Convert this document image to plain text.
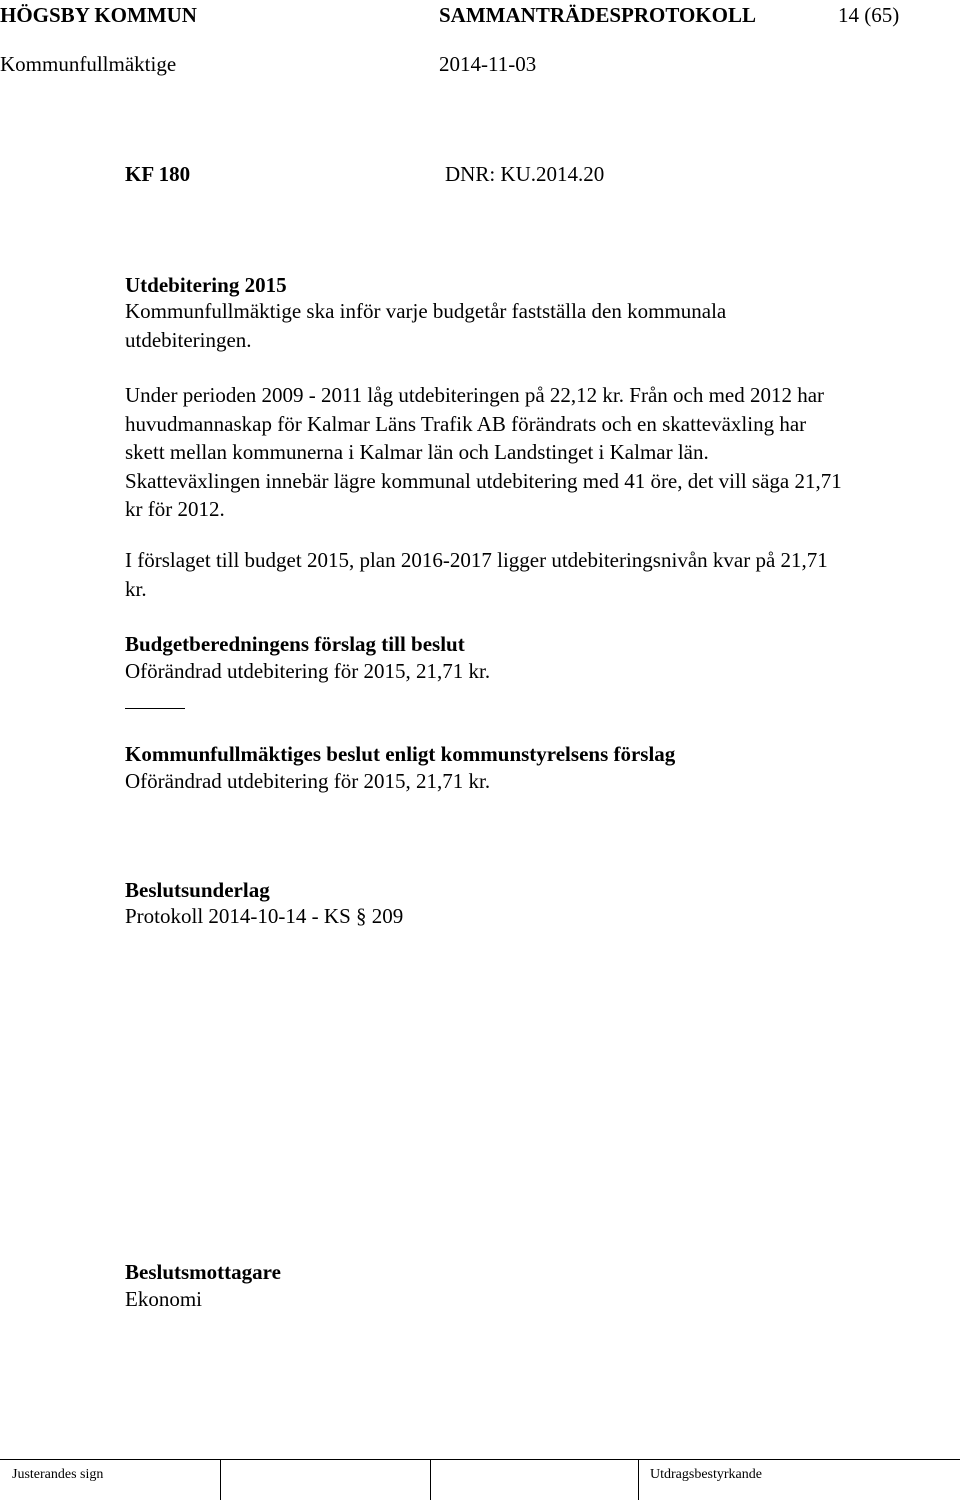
HÖGSBY KOMMUN	SAMMANTRÄDESPROTOKOLL	14 (65)
Kommunfullmäktige	2014-11-03
KF 180	DNR: KU.2014.20
Utdebitering 2015
Kommunfullmäktige ska inför varje budgetår fastställa den kommunala utdebiteringen.
Under perioden 2009 - 2011 låg utdebiteringen på 22,12 kr. Från och med 2012 har huvudmannaskap för Kalmar Läns Trafik AB förändrats och en skatteväxling har skett mellan kommunerna i Kalmar län och Landstinget i Kalmar län. Skatteväxlingen innebär lägre kommunal utdebitering med 41 öre, det vill säga 21,71 kr för 2012.
I förslaget till budget 2015, plan 2016-2017 ligger utdebiteringsnivån kvar på 21,71 kr.
Budgetberedningens förslag till beslut
Oförändrad utdebitering för 2015, 21,71 kr.
Kommunfullmäktiges beslut enligt kommunstyrelsens förslag
Oförändrad utdebitering för 2015, 21,71 kr.
Beslutsunderlag
Protokoll 2014-10-14 - KS § 209
Beslutsmottagare
Ekonomi
Justerandes sign	Utdragsbestyrkande
